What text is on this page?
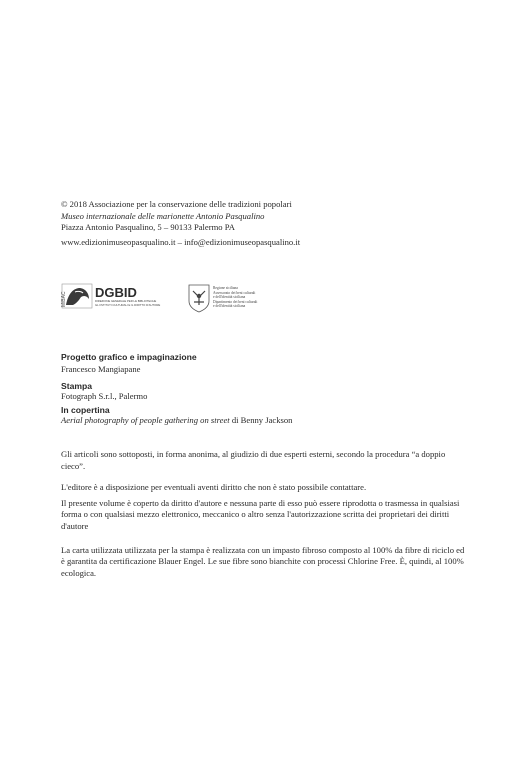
© 2018 Associazione per la conservazione delle tradizioni popolari

Museo internazionale delle marionette Antonio Pasqualino

Piazza Antonio Pasqualino, 5 – 90133 Palermo PA

www.edizionimuseopasqualino.it – info@edizionimuseopasqualino.it

MiBAC DGBID
DIREZIONE GENERALE PER LE BIBLIOTECHE
GLI ISTITUTI CULTURALI E IL DIRITTO D'AUTORE
Regione siciliana
Assessorato dei beni culturali
e dell'identità siciliana
Dipartimento dei beni culturali
e dell'identità siciliana

Progetto grafico e impaginazione

Francesco Mangiapane

Stampa

Fotograph S.r.l., Palermo

In copertina

Aerial photography of people gathering on street di Benny Jackson

Gli articoli sono sottoposti, in forma anonima, al giudizio di due esperti esterni, secondo la procedura “a doppio cieco”.

L'editore è a disposizione per eventuali aventi diritto che non è stato possibile contattare.

Il presente volume è coperto da diritto d'autore e nessuna parte di esso può essere riprodotta o trasmessa in qualsiasi forma o con qualsiasi mezzo elettronico, meccanico o altro senza l'autorizzazione scritta dei proprietari dei diritti d'autore

La carta utilizzata utilizzata per la stampa è realizzata con un impasto fibroso composto al 100% da fibre di riciclo ed è garantita da certificazione Blauer Engel. Le sue fibre sono bianchite con processi Chlorine Free. È, quindi, al 100% ecologica.
